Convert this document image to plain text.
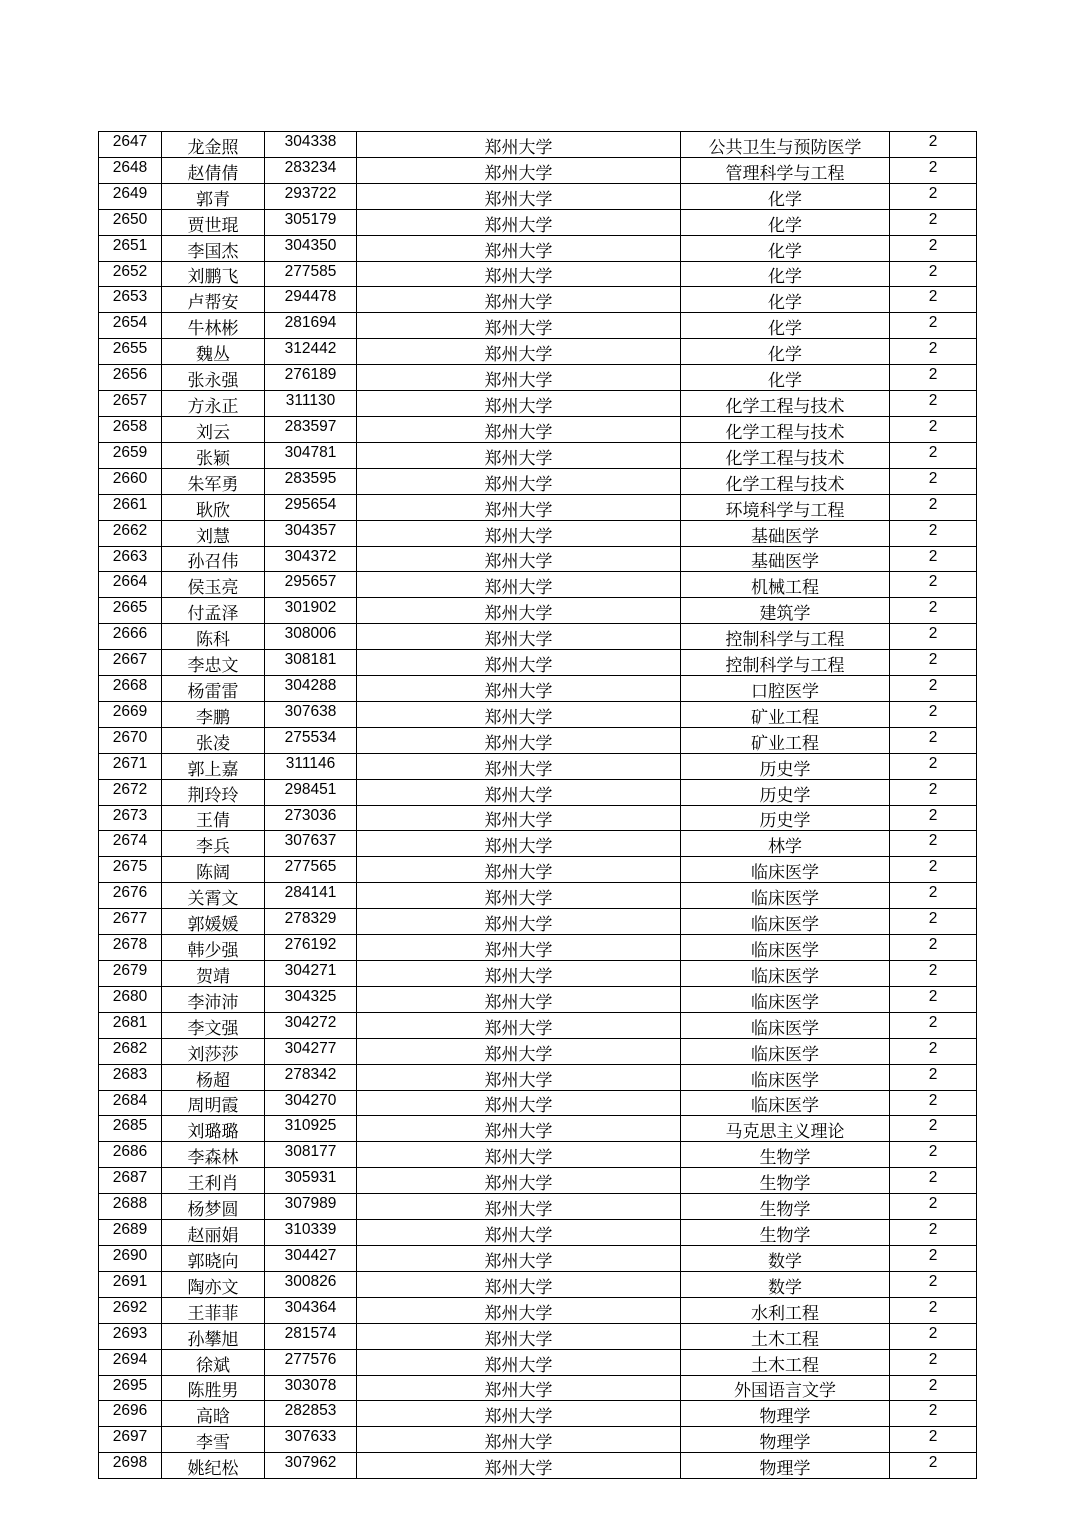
2647	龙金照	304338	郑州大学	公共卫生与预防医学	2
2648	赵倩倩	283234	郑州大学	管理科学与工程	2
2649	郭青	293722	郑州大学	化学	2
2650	贾世琨	305179	郑州大学	化学	2
2651	李国杰	304350	郑州大学	化学	2
2652	刘鹏飞	277585	郑州大学	化学	2
2653	卢帮安	294478	郑州大学	化学	2
2654	牛林彬	281694	郑州大学	化学	2
2655	魏丛	312442	郑州大学	化学	2
2656	张永强	276189	郑州大学	化学	2
2657	方永正	311130	郑州大学	化学工程与技术	2
2658	刘云	283597	郑州大学	化学工程与技术	2
2659	张颖	304781	郑州大学	化学工程与技术	2
2660	朱军勇	283595	郑州大学	化学工程与技术	2
2661	耿欣	295654	郑州大学	环境科学与工程	2
2662	刘慧	304357	郑州大学	基础医学	2
2663	孙召伟	304372	郑州大学	基础医学	2
2664	侯玉亮	295657	郑州大学	机械工程	2
2665	付孟泽	301902	郑州大学	建筑学	2
2666	陈科	308006	郑州大学	控制科学与工程	2
2667	李忠文	308181	郑州大学	控制科学与工程	2
2668	杨雷雷	304288	郑州大学	口腔医学	2
2669	李鹏	307638	郑州大学	矿业工程	2
2670	张凌	275534	郑州大学	矿业工程	2
2671	郭上嘉	311146	郑州大学	历史学	2
2672	荆玲玲	298451	郑州大学	历史学	2
2673	王倩	273036	郑州大学	历史学	2
2674	李兵	307637	郑州大学	林学	2
2675	陈阔	277565	郑州大学	临床医学	2
2676	关霄文	284141	郑州大学	临床医学	2
2677	郭媛媛	278329	郑州大学	临床医学	2
2678	韩少强	276192	郑州大学	临床医学	2
2679	贺靖	304271	郑州大学	临床医学	2
2680	李沛沛	304325	郑州大学	临床医学	2
2681	李文强	304272	郑州大学	临床医学	2
2682	刘莎莎	304277	郑州大学	临床医学	2
2683	杨超	278342	郑州大学	临床医学	2
2684	周明霞	304270	郑州大学	临床医学	2
2685	刘璐璐	310925	郑州大学	马克思主义理论	2
2686	李森林	308177	郑州大学	生物学	2
2687	王利肖	305931	郑州大学	生物学	2
2688	杨梦圆	307989	郑州大学	生物学	2
2689	赵丽娟	310339	郑州大学	生物学	2
2690	郭晓向	304427	郑州大学	数学	2
2691	陶亦文	300826	郑州大学	数学	2
2692	王菲菲	304364	郑州大学	水利工程	2
2693	孙攀旭	281574	郑州大学	土木工程	2
2694	徐斌	277576	郑州大学	土木工程	2
2695	陈胜男	303078	郑州大学	外国语言文学	2
2696	高晗	282853	郑州大学	物理学	2
2697	李雪	307633	郑州大学	物理学	2
2698	姚纪松	307962	郑州大学	物理学	2
